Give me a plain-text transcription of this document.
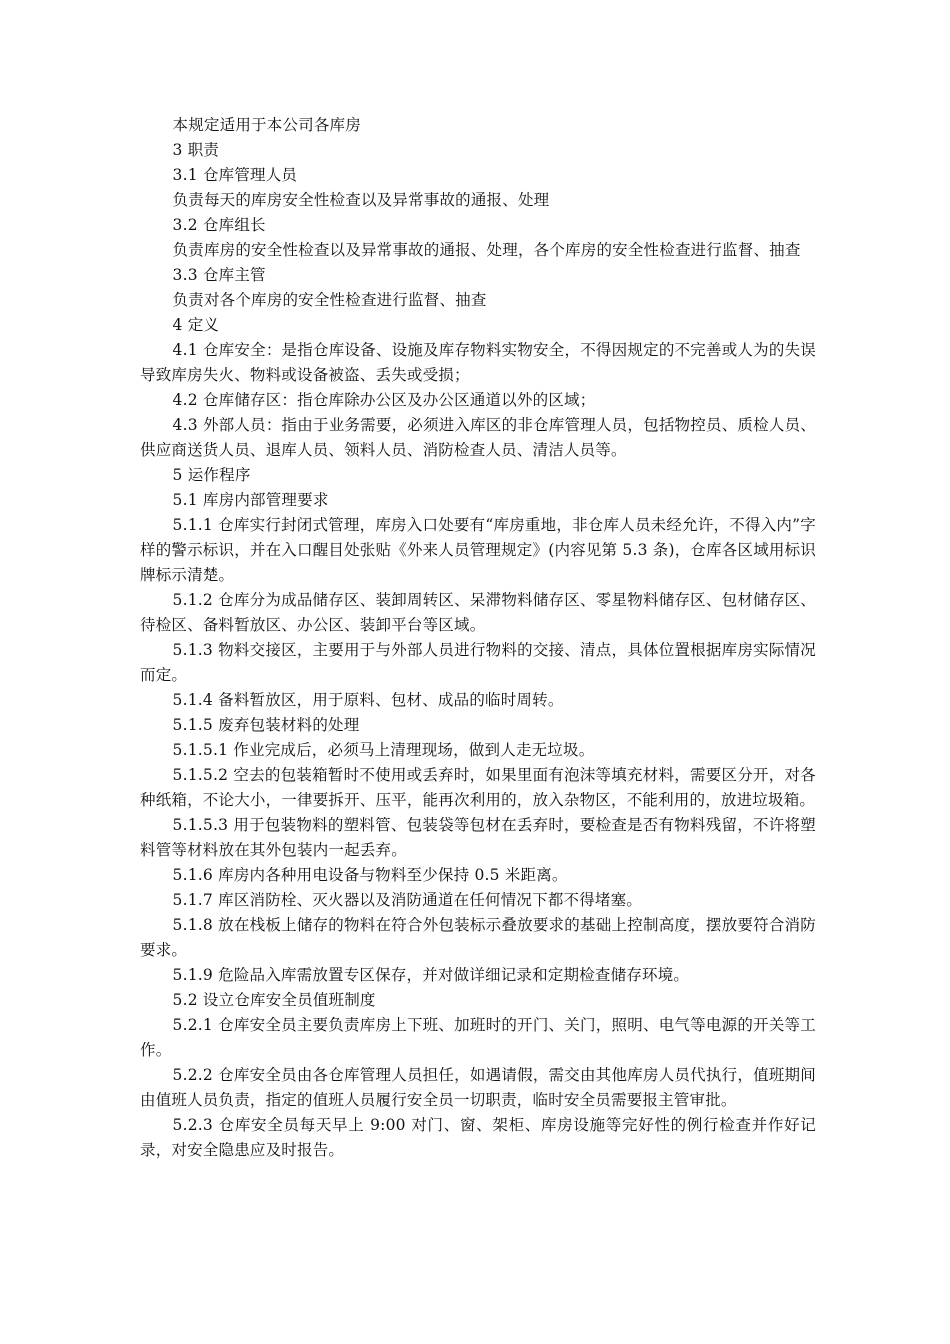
本规定适用于本公司各库房

3 职责

3.1 仓库管理人员

负责每天的库房安全性检查以及异常事故的通报、处理

3.2 仓库组长

负责库房的安全性检查以及异常事故的通报、处理，各个库房的安全性检查进行监督、抽查

3.3 仓库主管

负责对各个库房的安全性检查进行监督、抽查

4 定义

4.1 仓库安全：是指仓库设备、设施及库存物料实物安全，不得因规定的不完善或人为的失误导致库房失火、物料或设备被盗、丢失或受损；

4.2 仓库储存区：指仓库除办公区及办公区通道以外的区域；

4.3 外部人员：指由于业务需要，必须进入库区的非仓库管理人员，包括物控员、质检人员、供应商送货人员、退库人员、领料人员、消防检查人员、清洁人员等。

5 运作程序

5.1 库房内部管理要求

5.1.1 仓库实行封闭式管理，库房入口处要有“库房重地，非仓库人员未经允许，不得入内”字样的警示标识，并在入口醒目处张贴《外来人员管理规定》(内容见第 5.3 条)，仓库各区域用标识牌标示清楚。

5.1.2 仓库分为成品储存区、装卸周转区、呆滞物料储存区、零星物料储存区、包材储存区、待检区、备料暂放区、办公区、装卸平台等区域。

5.1.3 物料交接区，主要用于与外部人员进行物料的交接、清点，具体位置根据库房实际情况而定。

5.1.4 备料暂放区，用于原料、包材、成品的临时周转。

5.1.5 废弃包装材料的处理

5.1.5.1 作业完成后，必须马上清理现场，做到人走无垃圾。

5.1.5.2 空去的包装箱暂时不使用或丢弃时，如果里面有泡沫等填充材料，需要区分开，对各种纸箱，不论大小，一律要拆开、压平，能再次利用的，放入杂物区，不能利用的，放进垃圾箱。

5.1.5.3 用于包装物料的塑料管、包装袋等包材在丢弃时，要检查是否有物料残留，不许将塑料管等材料放在其外包装内一起丢弃。

5.1.6 库房内各种用电设备与物料至少保持 0.5 米距离。

5.1.7 库区消防栓、灭火器以及消防通道在任何情况下都不得堵塞。

5.1.8 放在栈板上储存的物料在符合外包装标示叠放要求的基础上控制高度，摆放要符合消防要求。

5.1.9 危险品入库需放置专区保存，并对做详细记录和定期检查储存环境。

5.2 设立仓库安全员值班制度

5.2.1 仓库安全员主要负责库房上下班、加班时的开门、关门，照明、电气等电源的开关等工作。

5.2.2 仓库安全员由各仓库管理人员担任，如遇请假，需交由其他库房人员代执行，值班期间由值班人员负责，指定的值班人员履行安全员一切职责，临时安全员需要报主管审批。

5.2.3 仓库安全员每天早上 9:00 对门、窗、架柜、库房设施等完好性的例行检查并作好记录，对安全隐患应及时报告。
